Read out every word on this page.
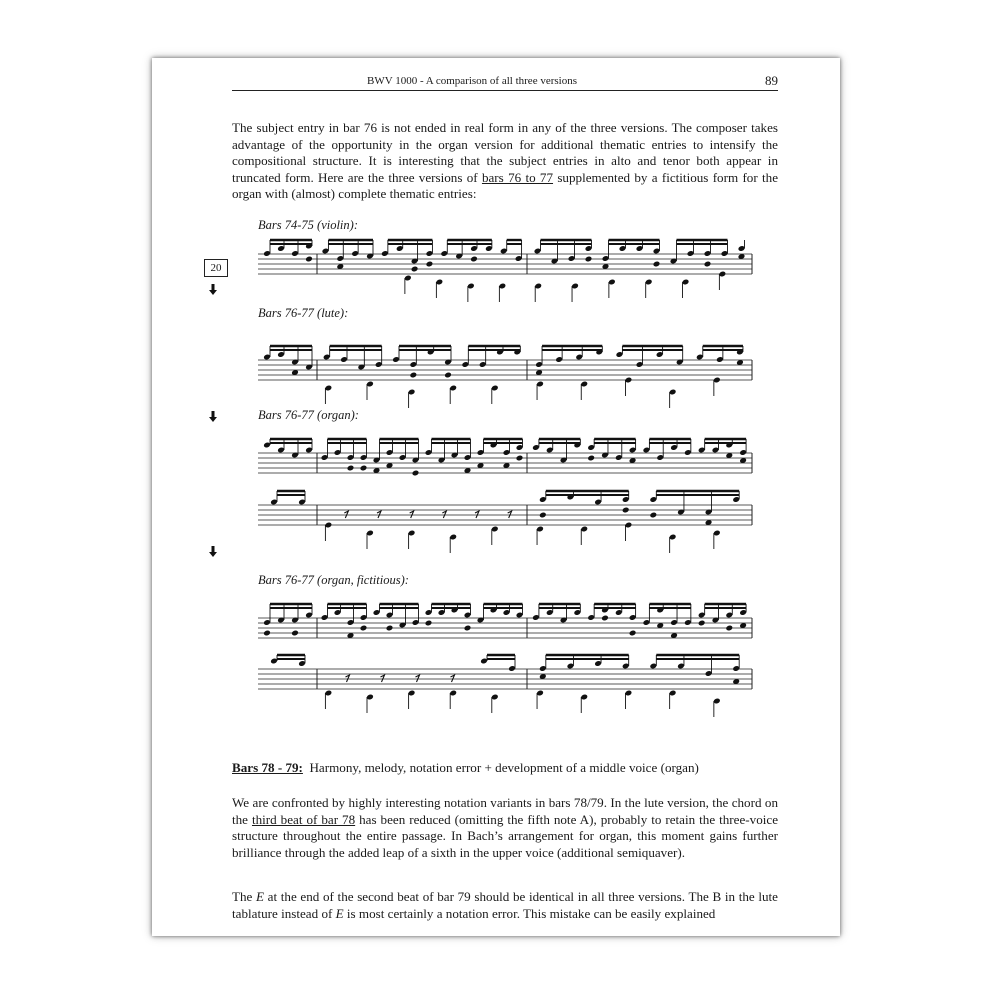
BWV 1000 - A comparison of all three versions	89

The subject entry in bar 76 is not ended in real form in any of the three versions. The composer takes advantage of the opportunity in the organ version for additional thematic entries to intensify the compositional structure. It is interesting that the subject entries in alto and tenor both appear in truncated form. Here are the three versions of bars 76 to 77 supplemented by a fictitious form for the organ with (almost) complete thematic entries:

Bars 74-75 (violin):
Bars 76-77 (lute):
Bars 76-77 (organ):
Bars 76-77 (organ, fictitious):
20
Bars 78 - 79: Harmony, melody, notation error + development of a middle voice (organ)

We are confronted by highly interesting notation variants in bars 78/79. In the lute version, the chord on the third beat of bar 78 has been reduced (omitting the fifth note A), probably to retain the three-voice structure throughout the entire passage. In Bach’s arrangement for organ, this moment gains further brilliance through the added leap of a sixth in the upper voice (additional semiquaver).

The E at the end of the second beat of bar 79 should be identical in all three versions. The B in the lute tablature instead of E is most certainly a notation error. This mistake can be easily explained
